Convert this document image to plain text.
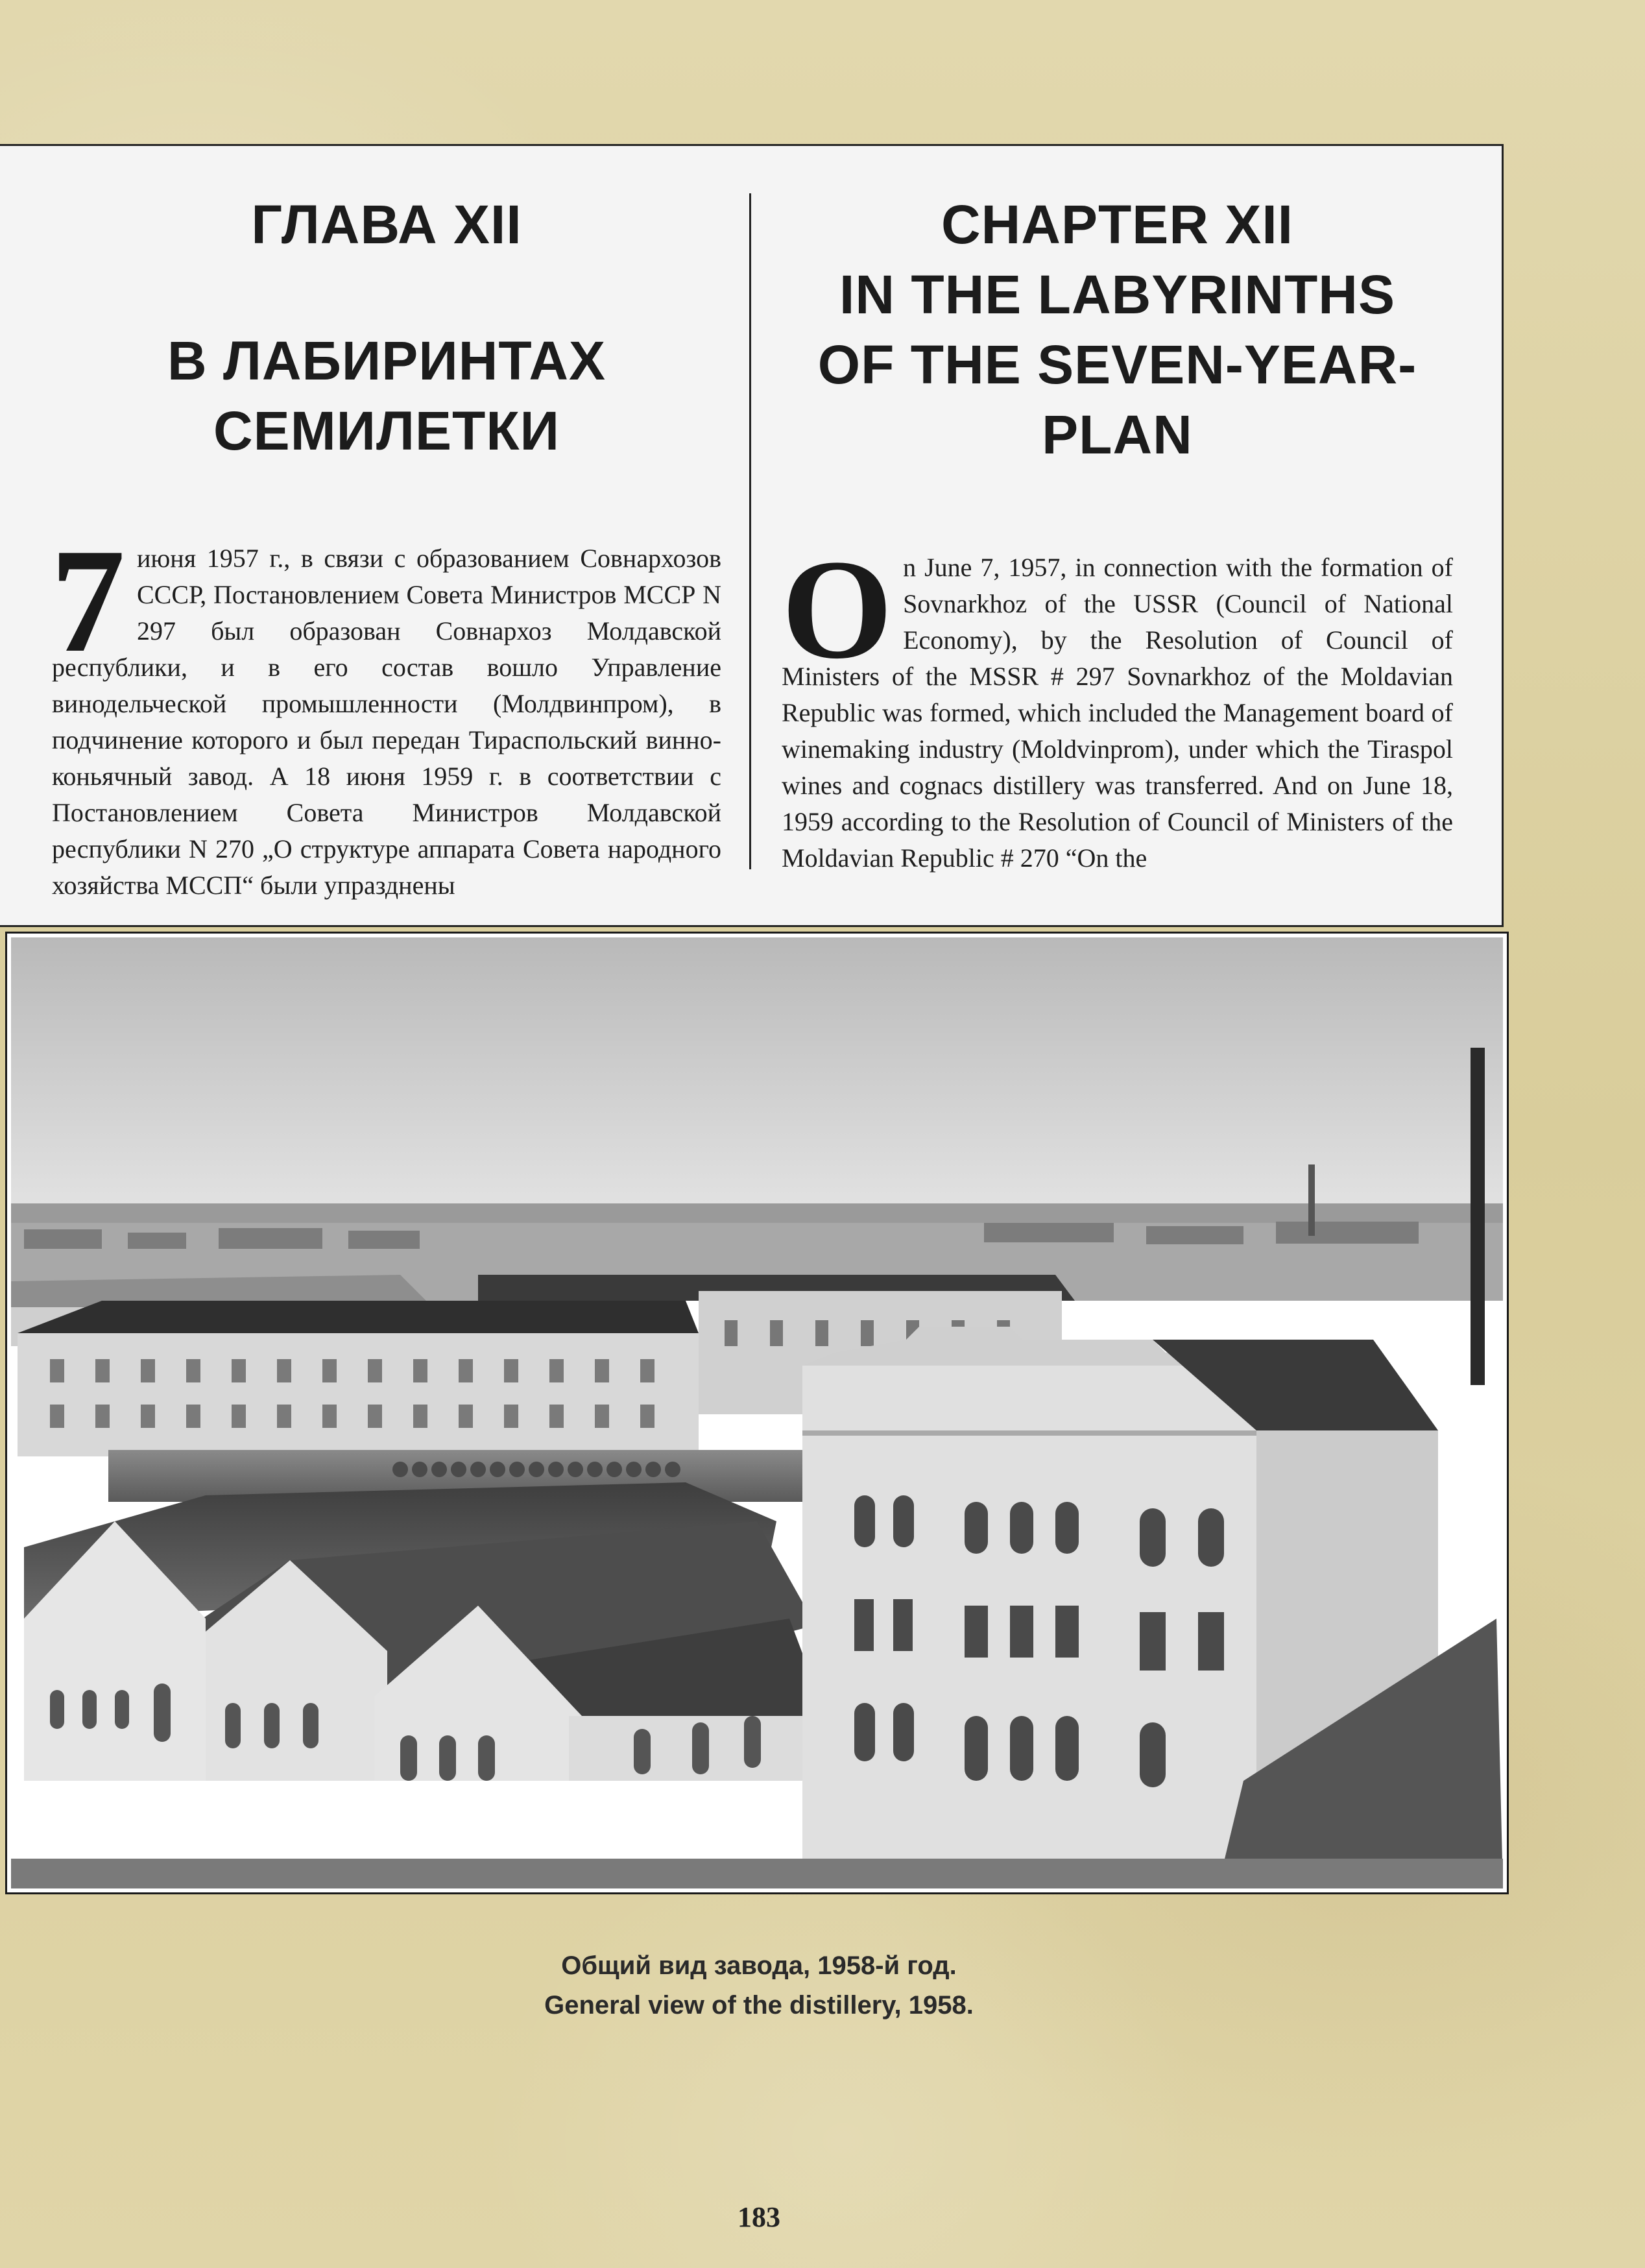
ГЛАВА XII
В ЛАБИРИНТАХ
СЕМИЛЕТКИ

7 июня 1957 г., в связи с образованием Совнархозов СССР, Постановлением Совета Министров МССР N 297 был образован Совнархоз Молдавской республики, и в его состав вошло Управление винодельческой промышленности (Молдвинпром), в подчинение которого и был передан Тираспольский винно-коньячный завод. А 18 июня 1959 г. в соответствии с Постановлением Совета Министров Молдавской республики N 270 „О структуре аппарата Совета народного хозяйства МССП“ были упразднены

CHAPTER XII
IN THE LABYRINTHS
OF THE SEVEN-YEAR-
PLAN

On June 7, 1957, in connection with the formation of Sovnarkhoz of the USSR (Council of National Economy), by the Resolution of Council of Ministers of the MSSR # 297 Sovnarkhoz of the Moldavian Republic was formed, which included the Management board of winemaking industry (Moldvinprom), under which the Tiraspol wines and cognacs distillery was transferred. And on June 18, 1959 according to the Resolution of Council of Ministers of the Moldavian Republic # 270 “On the

Общий вид завода, 1958-й год.
General view of the distillery, 1958.
183
